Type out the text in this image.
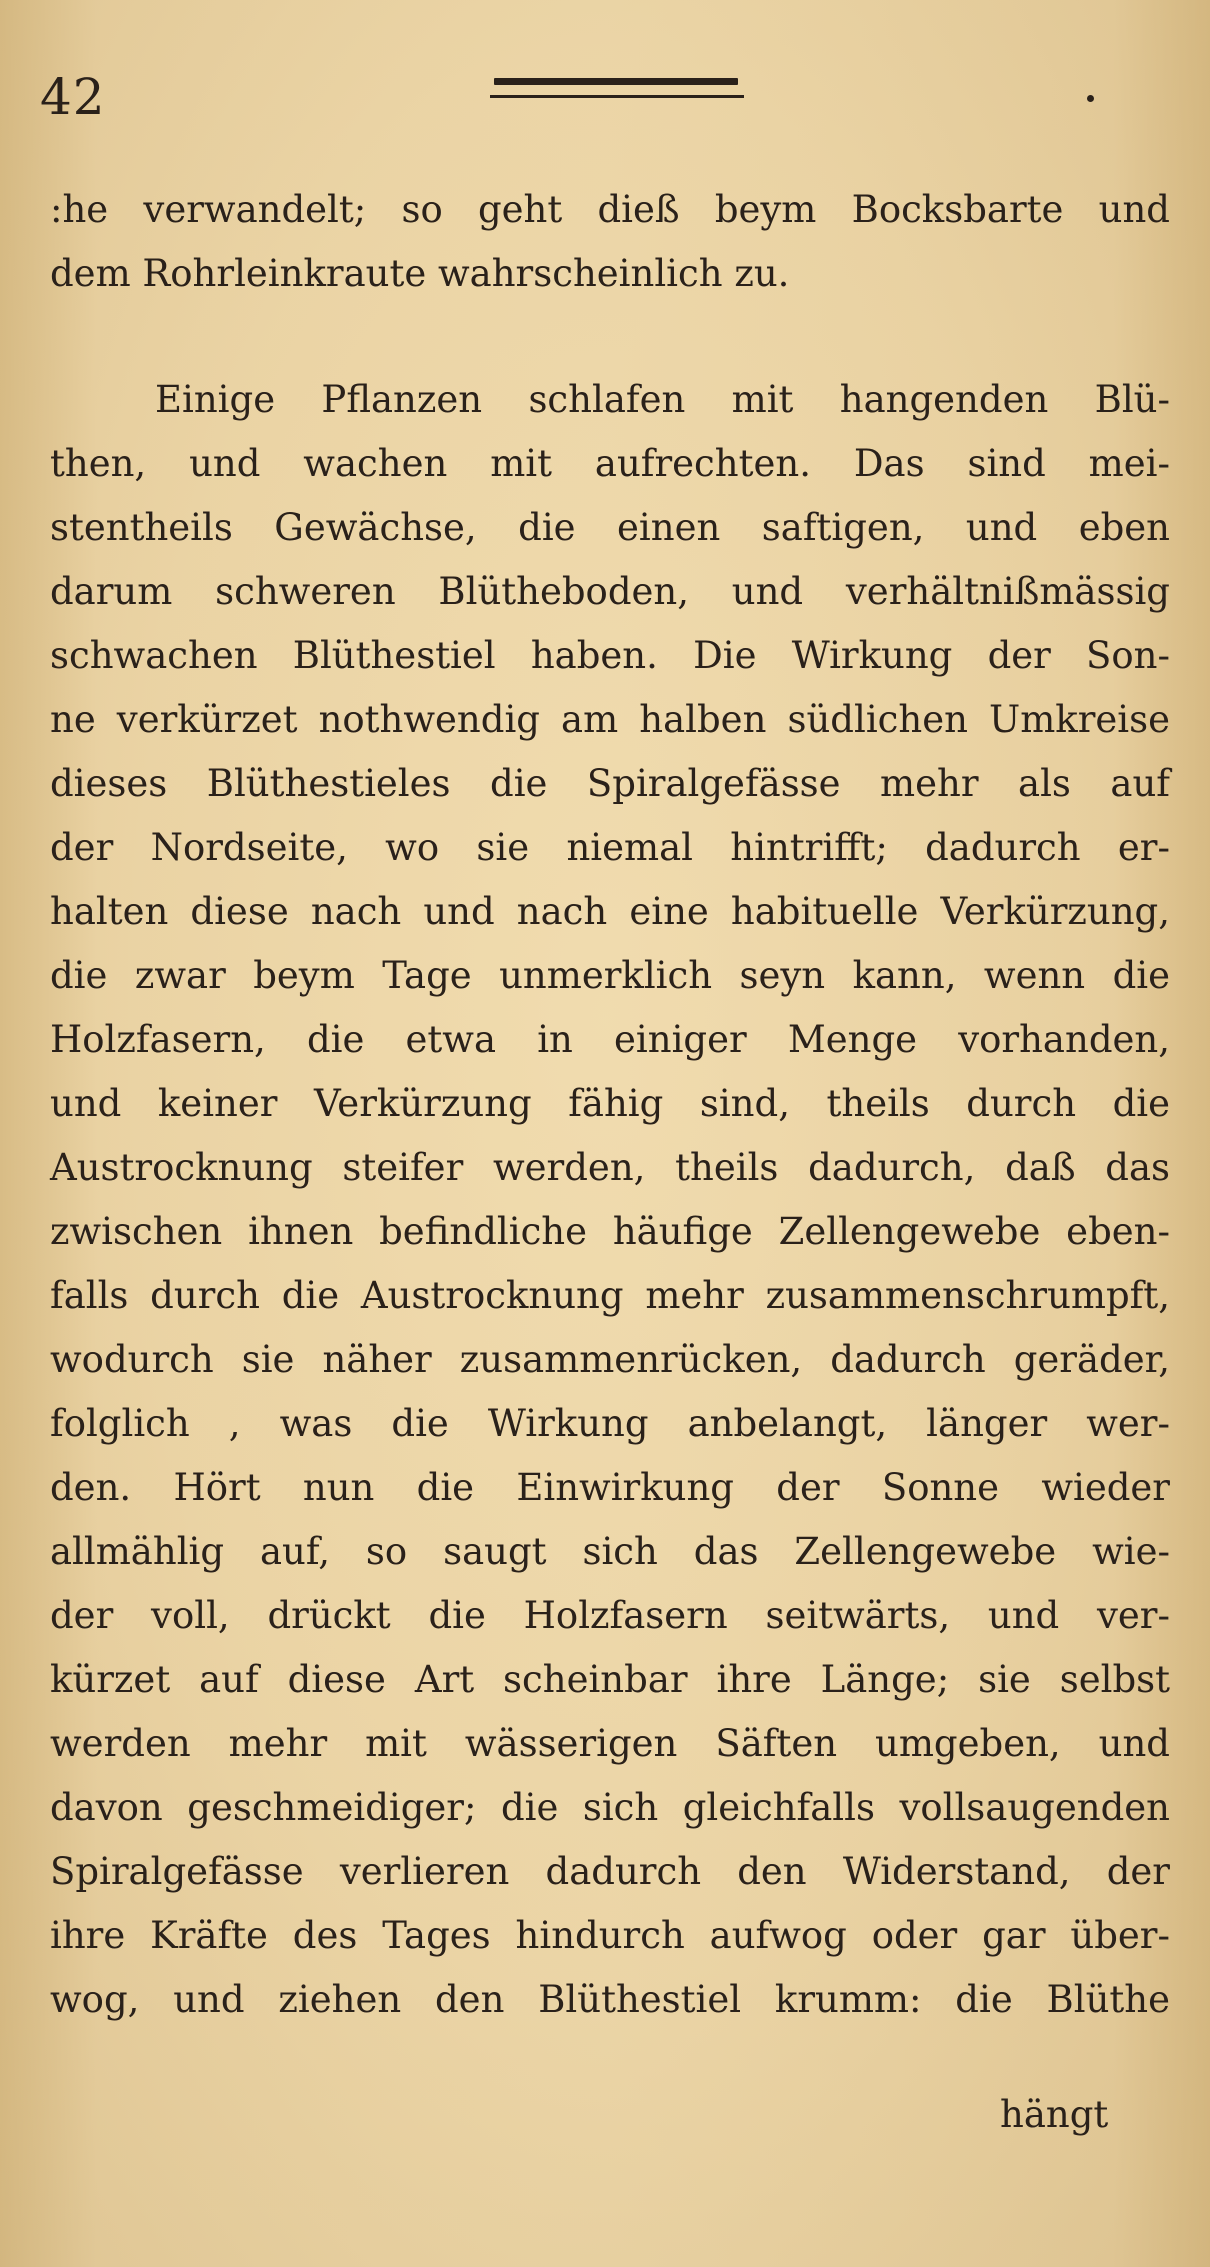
42
:he verwandelt; so geht dieß beym Bocksbarte und
dem Rohrleinkraute wahrscheinlich zu.
Einige Pflanzen schlafen mit hangenden Blü-
then, und wachen mit aufrechten. Das sind mei-
stentheils Gewächse, die einen saftigen, und eben
darum schweren Blütheboden, und verhältnißmässig
schwachen Blüthestiel haben. Die Wirkung der Son-
ne verkürzet nothwendig am halben südlichen Umkreise
dieses Blüthestieles die Spiralgefässe mehr als auf
der Nordseite, wo sie niemal hintrifft; dadurch er-
halten diese nach und nach eine habituelle Verkürzung,
die zwar beym Tage unmerklich seyn kann, wenn die
Holzfasern, die etwa in einiger Menge vorhanden,
und keiner Verkürzung fähig sind, theils durch die
Austrocknung steifer werden, theils dadurch, daß das
zwischen ihnen befindliche häufige Zellengewebe eben-
falls durch die Austrocknung mehr zusammenschrumpft,
wodurch sie näher zusammenrücken, dadurch geräder,
folglich , was die Wirkung anbelangt, länger wer-
den. Hört nun die Einwirkung der Sonne wieder
allmählig auf, so saugt sich das Zellengewebe wie-
der voll, drückt die Holzfasern seitwärts, und ver-
kürzet auf diese Art scheinbar ihre Länge; sie selbst
werden mehr mit wässerigen Säften umgeben, und
davon geschmeidiger; die sich gleichfalls vollsaugenden
Spiralgefässe verlieren dadurch den Widerstand, der
ihre Kräfte des Tages hindurch aufwog oder gar über-
wog, und ziehen den Blüthestiel krumm: die Blüthe
hängt
